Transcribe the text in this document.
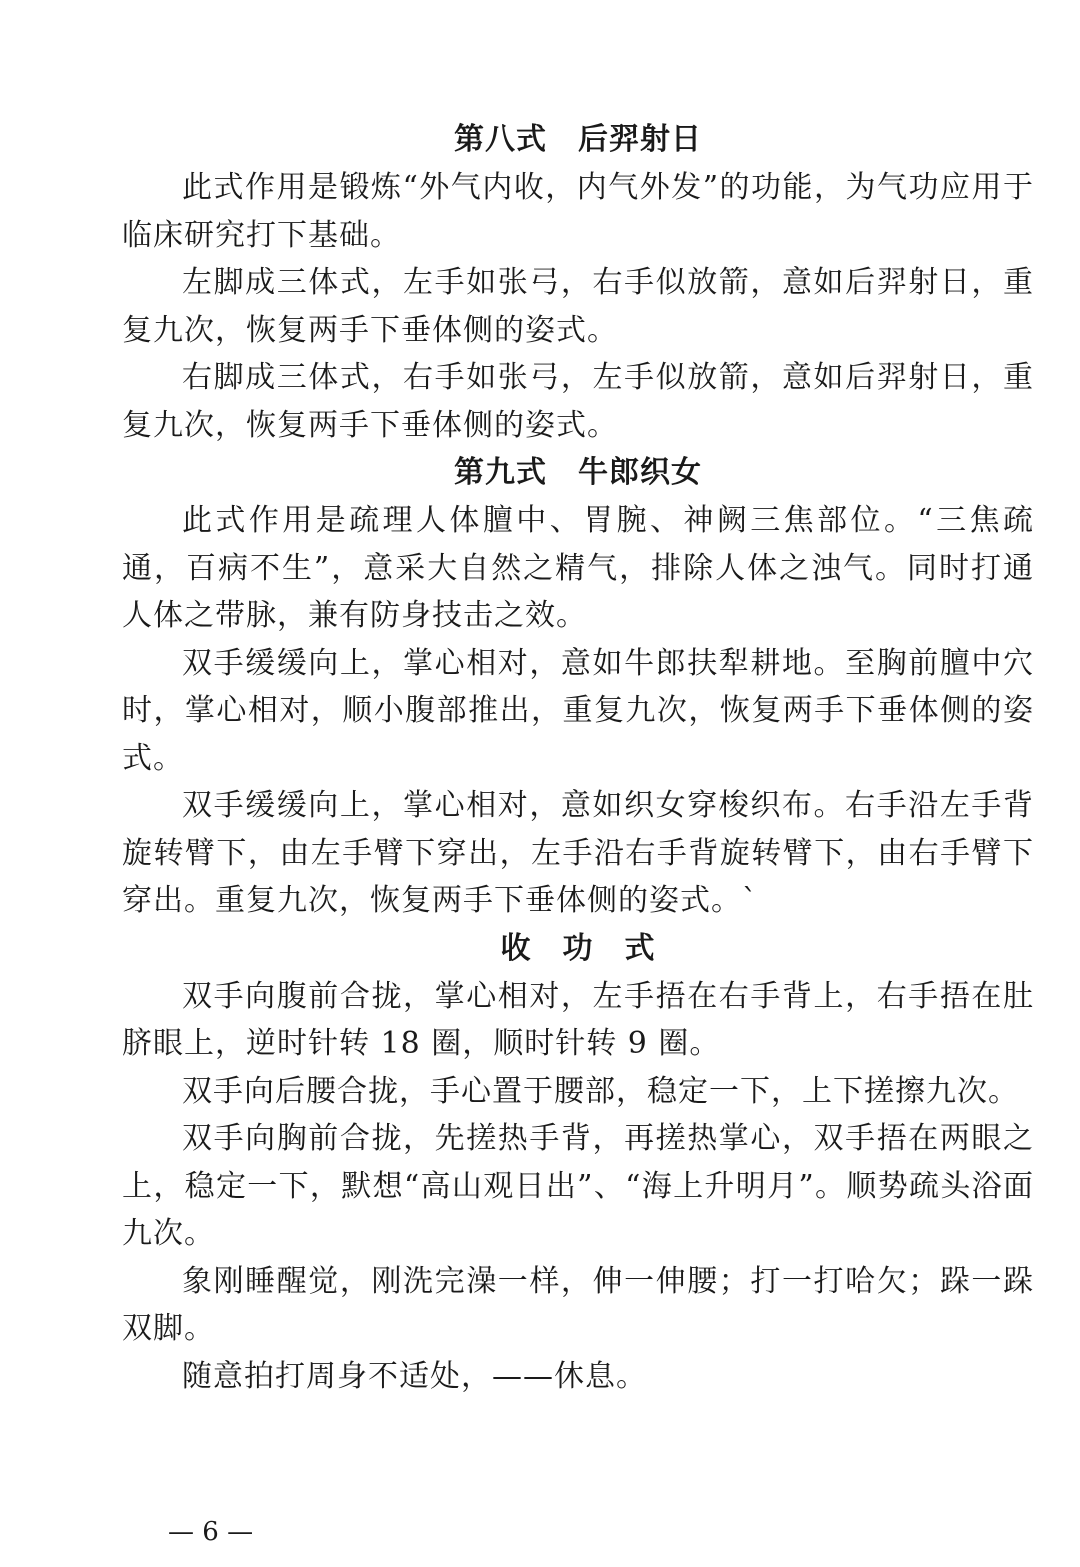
第八式　后羿射日

此式作用是锻炼“外气内收，内气外发”的功能，为气功应用于临床研究打下基础。

左脚成三体式，左手如张弓，右手似放箭，意如后羿射日，重复九次，恢复两手下垂体侧的姿式。

右脚成三体式，右手如张弓，左手似放箭，意如后羿射日，重复九次，恢复两手下垂体侧的姿式。

第九式　牛郎织女

此式作用是疏理人体膻中、胃腕、神阙三焦部位。“三焦疏通，百病不生”，意采大自然之精气，排除人体之浊气。同时打通人体之带脉，兼有防身技击之效。

双手缓缓向上，掌心相对，意如牛郎扶犁耕地。至胸前膻中穴时，掌心相对，顺小腹部推出，重复九次，恢复两手下垂体侧的姿式。

双手缓缓向上，掌心相对，意如织女穿梭织布。右手沿左手背旋转臂下，由左手臂下穿出，左手沿右手背旋转臂下，由右手臂下穿出。重复九次，恢复两手下垂体侧的姿式。`

收　功　式

双手向腹前合拢，掌心相对，左手捂在右手背上，右手捂在肚脐眼上，逆时针转 18 圈，顺时针转 9 圈。

双手向后腰合拢，手心置于腰部，稳定一下，上下搓擦九次。

双手向胸前合拢，先搓热手背，再搓热掌心，双手捂在两眼之上，稳定一下，默想“高山观日出”、“海上升明月”。顺势疏头浴面九次。

象刚睡醒觉，刚洗完澡一样，伸一伸腰；打一打哈欠；跺一跺双脚。

随意拍打周身不适处，——休息。

— 6 —
